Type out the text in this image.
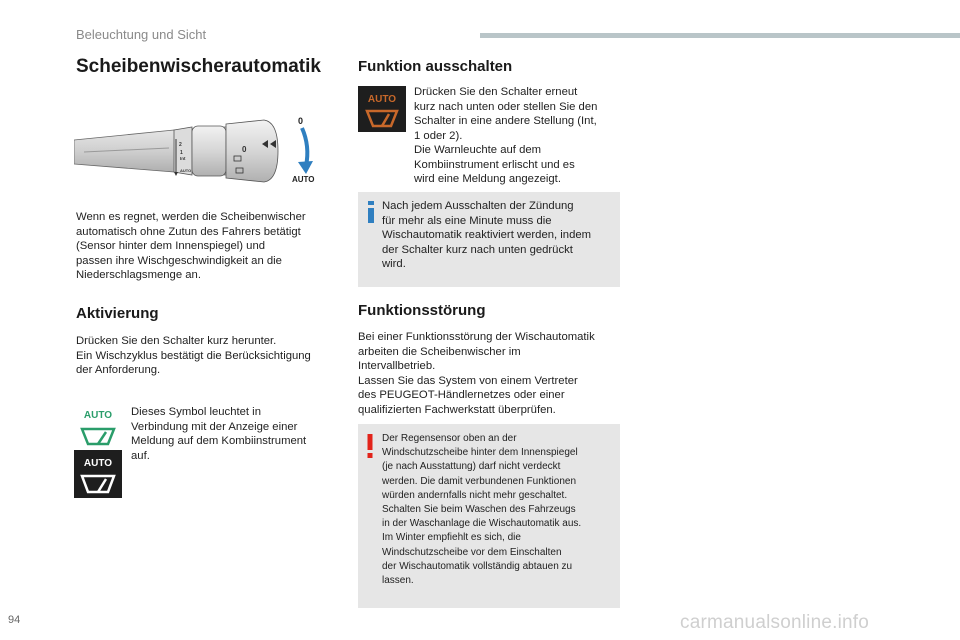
Beleuchtung und Sicht
Scheibenwischerautomatik
0
2
1
Int
AUTO
0
AUTO
Wenn es regnet, werden die Scheibenwischer
automatisch ohne Zutun des Fahrers betätigt
(Sensor hinter dem Innenspiegel) und
passen ihre Wischgeschwindigkeit an die
Niederschlagsmenge an.
Aktivierung
Drücken Sie den Schalter kurz herunter.
Ein Wischzyklus bestätigt die Berücksichtigung
der Anforderung.
AUTO
AUTO
Dieses Symbol leuchtet in
Verbindung mit der Anzeige einer
Meldung auf dem Kombiinstrument
auf.
Funktion ausschalten
AUTO
Drücken Sie den Schalter erneut
kurz nach unten oder stellen Sie den
Schalter in eine andere Stellung (Int,
1 oder 2).
Die Warnleuchte auf dem
Kombiinstrument erlischt und es
wird eine Meldung angezeigt.
Nach jedem Ausschalten der Zündung
für mehr als eine Minute muss die
Wischautomatik reaktiviert werden, indem
der Schalter kurz nach unten gedrückt
wird.
Funktionsstörung
Bei einer Funktionsstörung der Wischautomatik
arbeiten die Scheibenwischer im
Intervallbetrieb.
Lassen Sie das System von einem Vertreter
des PEUGEOT-Händlernetzes oder einer
qualifizierten Fachwerkstatt überprüfen.
Der Regensensor oben an der
Windschutzscheibe hinter dem Innenspiegel
(je nach Ausstattung) darf nicht verdeckt
werden. Die damit verbundenen Funktionen
würden andernfalls nicht mehr geschaltet.
Schalten Sie beim Waschen des Fahrzeugs
in der Waschanlage die Wischautomatik aus.
Im Winter empfiehlt es sich, die
Windschutzscheibe vor dem Einschalten
der Wischautomatik vollständig abtauen zu
lassen.
94	carmanualsonline.info
